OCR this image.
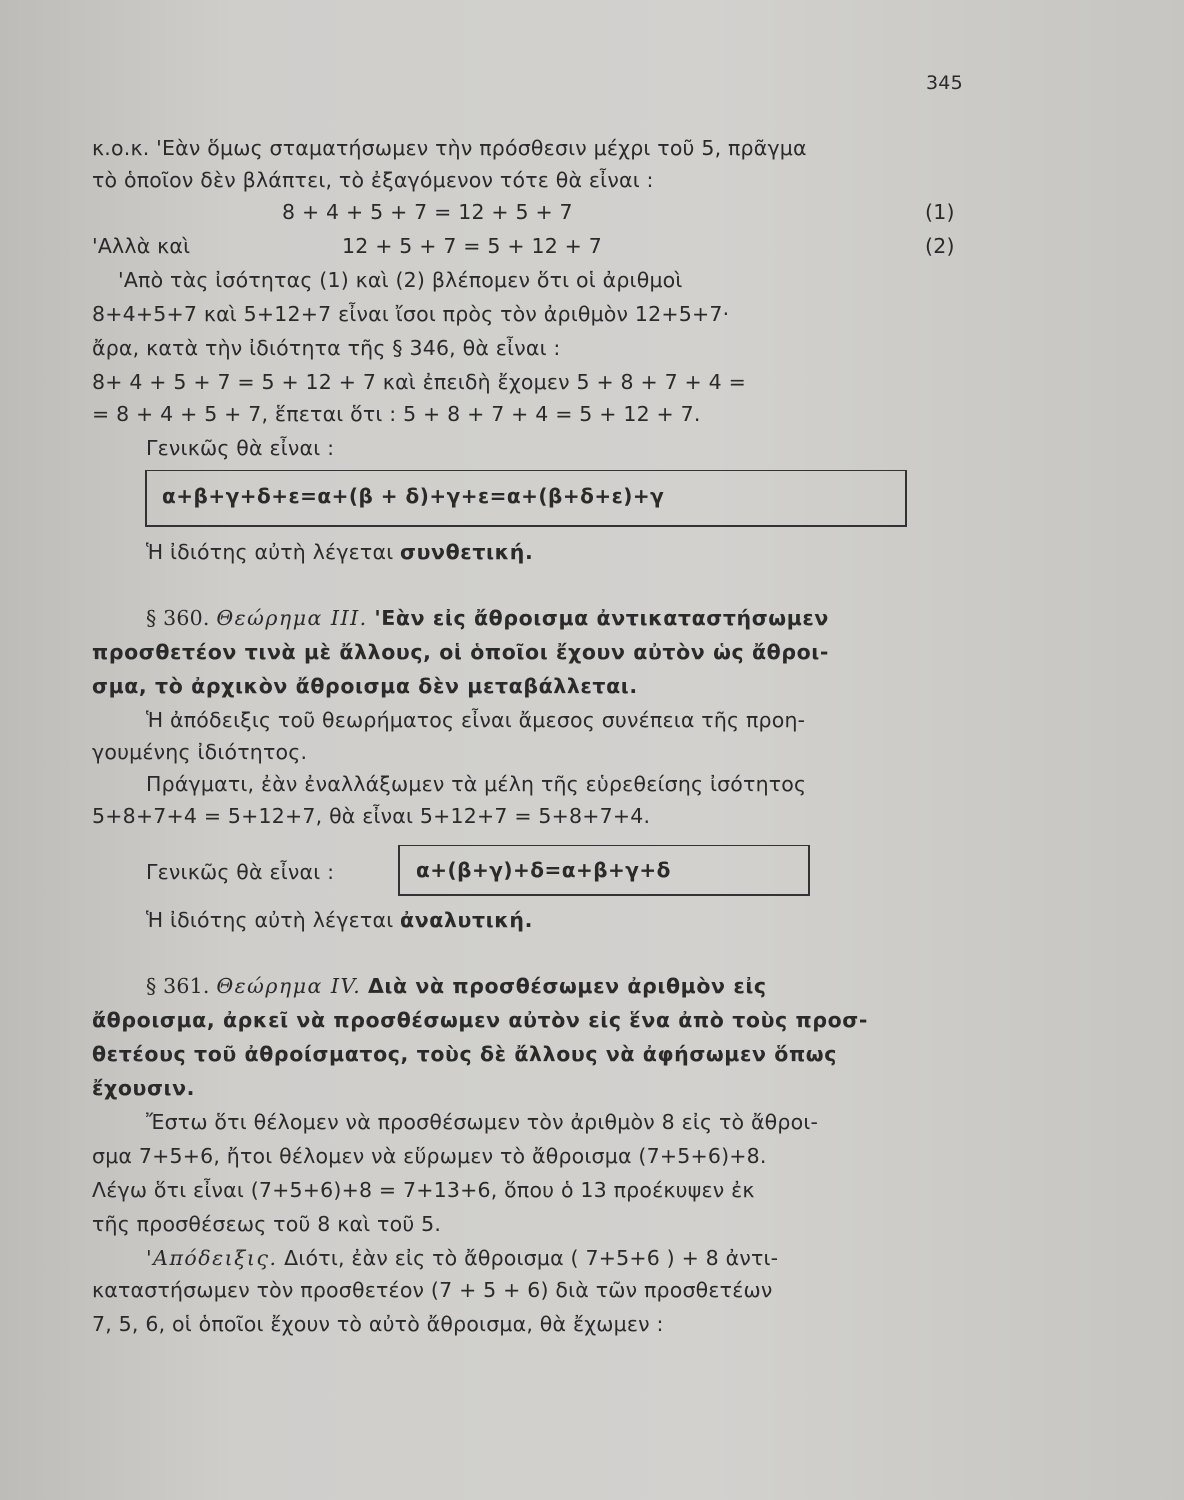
345
κ.ο.κ. 'Εὰν ὅμως σταματήσωμεν τὴν πρόσθεσιν μέχρι τοῦ 5, πρᾶγμα
τὸ ὁποῖον δὲν βλάπτει, τὸ ἐξαγόμενον τότε θὰ εἶναι :
8 + 4 + 5 + 7 = 12 + 5 + 7	(1)
'Αλλὰ καὶ	12 + 5 + 7 = 5 + 12 + 7	(2)
'Απὸ τὰς ἰσότητας (1) καὶ (2) βλέπομεν ὅτι οἱ ἀριθμοὶ
8+4+5+7 καὶ 5+12+7 εἶναι ἴσοι πρὸς τὸν ἀριθμὸν 12+5+7·
ἄρα, κατὰ τὴν ἰδιότητα τῆς § 346, θὰ εἶναι :
8+ 4 + 5 + 7 = 5 + 12 + 7 καὶ ἐπειδὴ ἔχομεν 5 + 8 + 7 + 4 =
= 8 + 4 + 5 + 7, ἕπεται ὅτι : 5 + 8 + 7 + 4 = 5 + 12 + 7.
Γενικῶς θὰ εἶναι :
α+β+γ+δ+ε=α+(β + δ)+γ+ε=α+(β+δ+ε)+γ
Ἡ ἰδιότης αὐτὴ λέγεται συνθετική.
§ 360. Θεώρημα III. 'Εὰν εἰς ἄθροισμα ἀντικαταστήσωμεν
προσθετέον τινὰ μὲ ἄλλους, οἱ ὁποῖοι ἔχουν αὐτὸν ὡς ἄθροι-
σμα, τὸ ἀρχικὸν ἄθροισμα δὲν μεταβάλλεται.
Ἡ ἀπόδειξις τοῦ θεωρήματος εἶναι ἄμεσος συνέπεια τῆς προη-
γουμένης ἰδιότητος.
Πράγματι, ἐὰν ἐναλλάξωμεν τὰ μέλη τῆς εὑρεθείσης ἰσότητος
5+8+7+4 = 5+12+7, θὰ εἶναι 5+12+7 = 5+8+7+4.
Γενικῶς θὰ εἶναι :	α+(β+γ)+δ=α+β+γ+δ
Ἡ ἰδιότης αὐτὴ λέγεται ἀναλυτική.
§ 361. Θεώρημα IV. Διὰ νὰ προσθέσωμεν ἀριθμὸν εἰς
ἄθροισμα, ἀρκεῖ νὰ προσθέσωμεν αὐτὸν εἰς ἕνα ἀπὸ τοὺς προσ-
θετέους τοῦ ἀθροίσματος, τοὺς δὲ ἄλλους νὰ ἀφήσωμεν ὅπως
ἔχουσιν.
Ἔστω ὅτι θέλομεν νὰ προσθέσωμεν τὸν ἀριθμὸν 8 εἰς τὸ ἄθροι-
σμα 7+5+6, ἤτοι θέλομεν νὰ εὕρωμεν τὸ ἄθροισμα (7+5+6)+8.
Λέγω ὅτι εἶναι (7+5+6)+8 = 7+13+6, ὅπου ὁ 13 προέκυψεν ἐκ
τῆς προσθέσεως τοῦ 8 καὶ τοῦ 5.
'Απόδειξις. Διότι, ἐὰν εἰς τὸ ἄθροισμα ( 7+5+6 ) + 8 ἀντι-
καταστήσωμεν τὸν προσθετέον (7 + 5 + 6) διὰ τῶν προσθετέων
7, 5, 6, οἱ ὁποῖοι ἔχουν τὸ αὐτὸ ἄθροισμα, θὰ ἔχωμεν :
